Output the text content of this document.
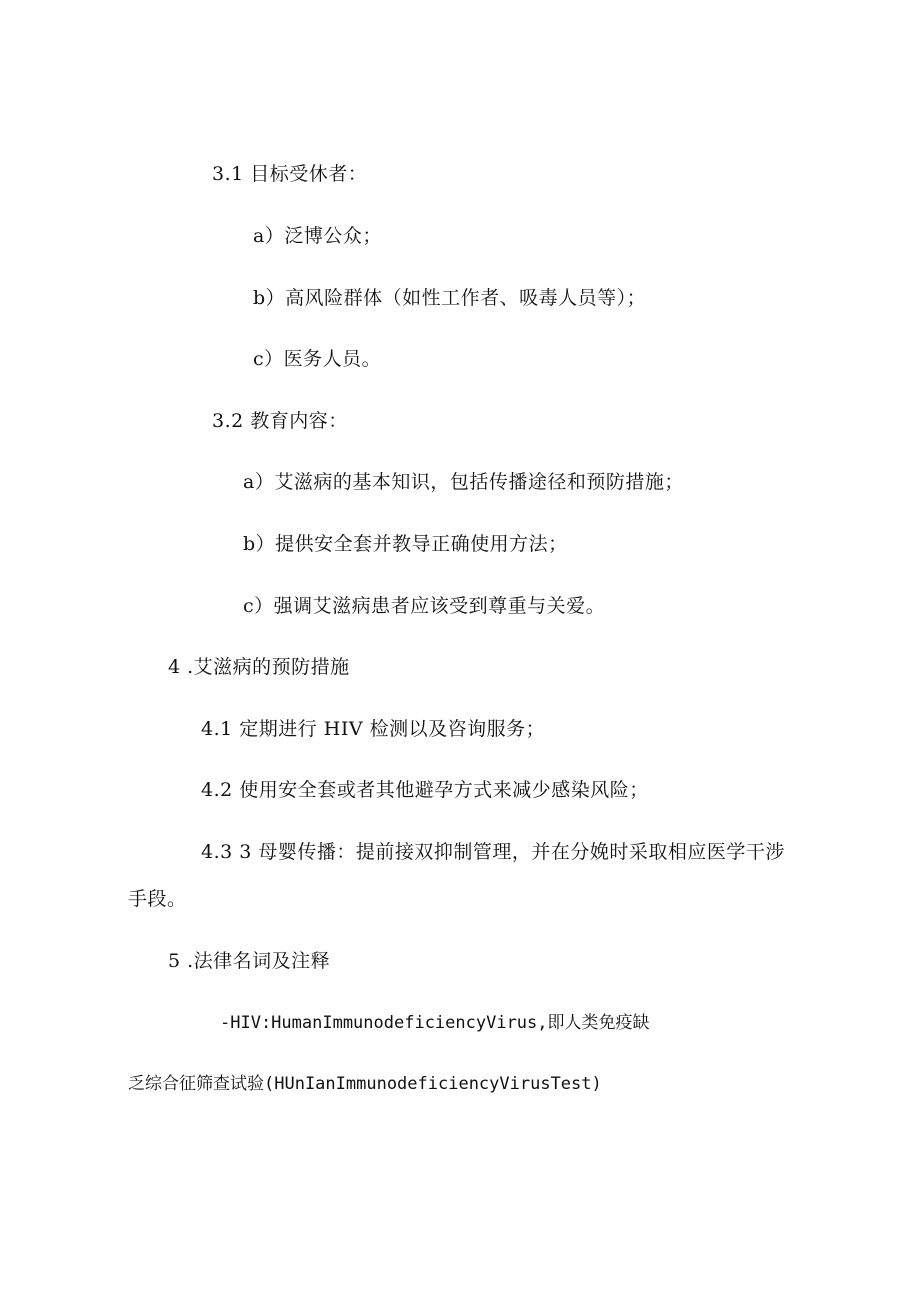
3.1 目标受休者：
a）泛博公众；
b）高风险群体（如性工作者、吸毒人员等）；
c）医务人员。
3.2 教育内容：
a）艾滋病的基本知识，包括传播途径和预防措施；
b）提供安全套并教导正确使用方法；
c）强调艾滋病患者应该受到尊重与关爱。
4 .艾滋病的预防措施
4.1 定期进行 HIV 检测以及咨询服务；
4.2 使用安全套或者其他避孕方式来减少感染风险；
4.3 3 母婴传播：提前接双抑制管理，并在分娩时采取相应医学干涉
手段。
5 .法律名词及注释
-HIV:HumanImmunodeficiencyVirus,即人类免疫缺
乏综合征筛查试验(HUnIanImmunodeficiencyVirusTest)
